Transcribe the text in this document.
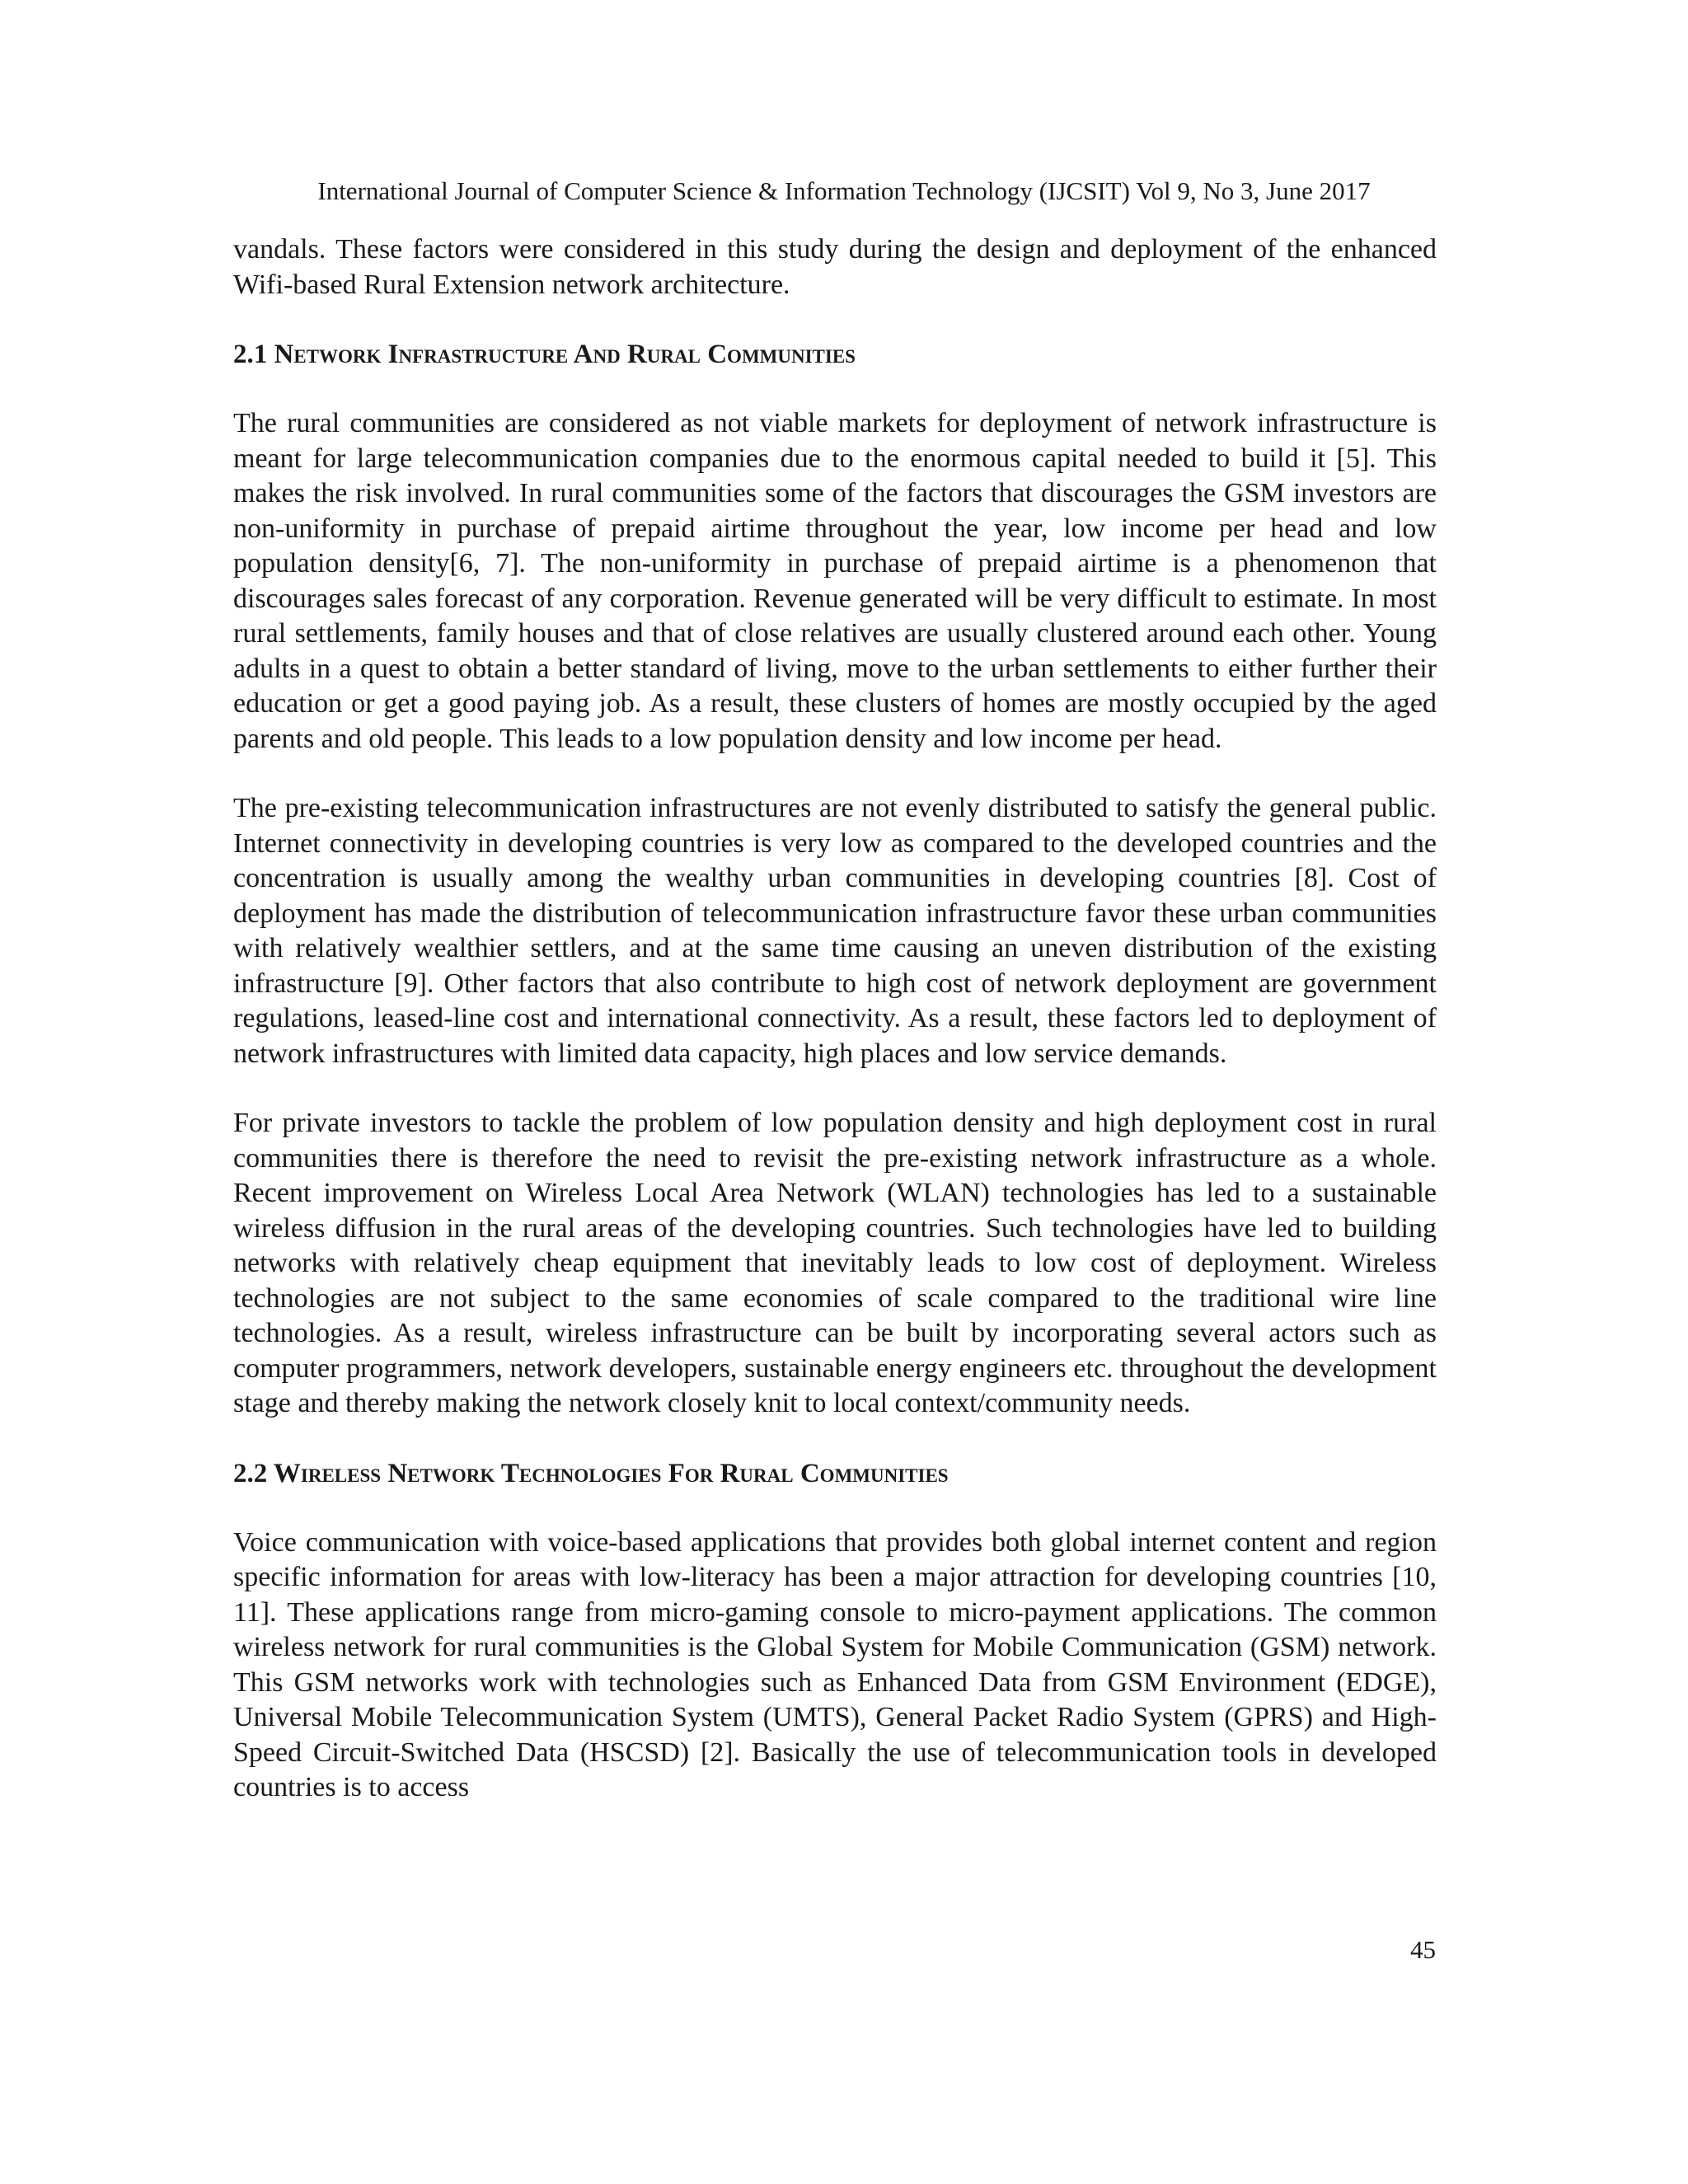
International Journal of Computer Science & Information Technology (IJCSIT) Vol 9, No 3, June 2017

vandals. These factors were considered in this study during the design and deployment of the enhanced Wifi-based Rural Extension network architecture.

2.1 Network Infrastructure And Rural Communities

The rural communities are considered as not viable markets for deployment of network infrastructure is meant for large telecommunication companies due to the enormous capital needed to build it [5]. This makes the risk involved. In rural communities some of the factors that discourages the GSM investors are non-uniformity in purchase of prepaid airtime throughout the year, low income per head and low population density[6, 7]. The non-uniformity in purchase of prepaid airtime is a phenomenon that discourages sales forecast of any corporation. Revenue generated will be very difficult to estimate. In most rural settlements, family houses and that of close relatives are usually clustered around each other. Young adults in a quest to obtain a better standard of living, move to the urban settlements to either further their education or get a good paying job. As a result, these clusters of homes are mostly occupied by the aged parents and old people. This leads to a low population density and low income per head.

The pre-existing telecommunication infrastructures are not evenly distributed to satisfy the general public. Internet connectivity in developing countries is very low as compared to the developed countries and the concentration is usually among the wealthy urban communities in developing countries [8]. Cost of deployment has made the distribution of telecommunication infrastructure favor these urban communities with relatively wealthier settlers, and at the same time causing an uneven distribution of the existing infrastructure [9]. Other factors that also contribute to high cost of network deployment are government regulations, leased-line cost and international connectivity. As a result, these factors led to deployment of network infrastructures with limited data capacity, high places and low service demands.

For private investors to tackle the problem of low population density and high deployment cost in rural communities there is therefore the need to revisit the pre-existing network infrastructure as a whole. Recent improvement on Wireless Local Area Network (WLAN) technologies has led to a sustainable wireless diffusion in the rural areas of the developing countries. Such technologies have led to building networks with relatively cheap equipment that inevitably leads to low cost of deployment. Wireless technologies are not subject to the same economies of scale compared to the traditional wire line technologies. As a result, wireless infrastructure can be built by incorporating several actors such as computer programmers, network developers, sustainable energy engineers etc. throughout the development stage and thereby making the network closely knit to local context/community needs.

2.2 Wireless Network Technologies For Rural Communities

Voice communication with voice-based applications that provides both global internet content and region specific information for areas with low-literacy has been a major attraction for developing countries [10, 11]. These applications range from micro-gaming console to micro-payment applications. The common wireless network for rural communities is the Global System for Mobile Communication (GSM) network. This GSM networks work with technologies such as Enhanced Data from GSM Environment (EDGE), Universal Mobile Telecommunication System (UMTS), General Packet Radio System (GPRS) and High-Speed Circuit-Switched Data (HSCSD) [2]. Basically the use of telecommunication tools in developed countries is to access

45
